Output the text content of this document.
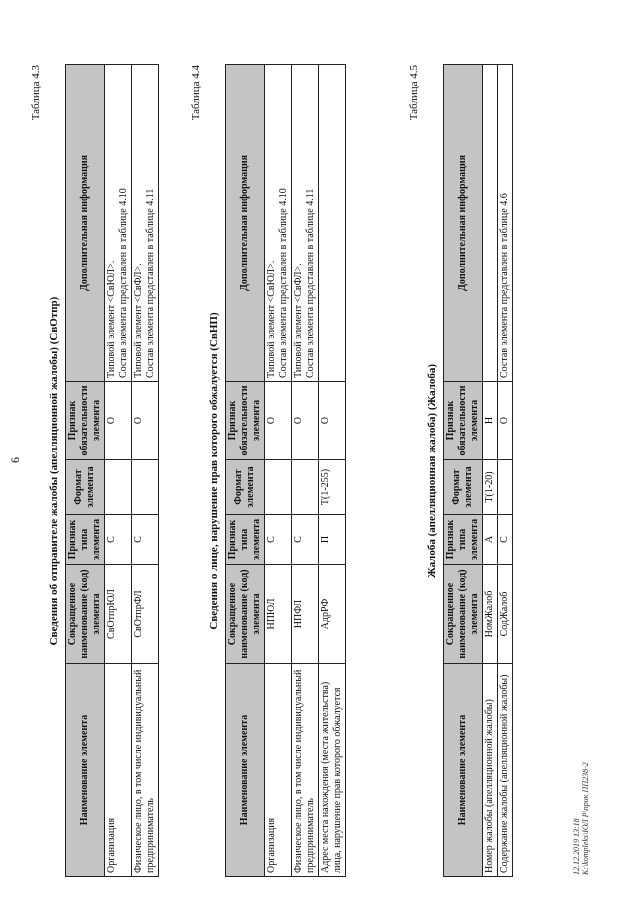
6
Таблица 4.3
Сведения об отправителе жалобы (апелляционной жалобы) (СвОтпр)
Наименование элемента	Сокращенное наименование (код) элемента	Признак типа элемента	Формат элемента	Признак обязательности элемента	Дополнительная информация
Организация	СвОтпрЮЛ	С		О	Типовой элемент <СвЮЛ>. Состав элемента представлен в таблице 4.10

Физическое лицо, в том числе индивидуальный предприниматель	СвОтпрФЛ	С		О	Типовой элемент <СвФЛ>. Состав элемента представлен в таблице 4.11
Таблица 4.4
Сведения о лице, нарушение прав которого обжалуется (СвНП)
Наименование элемента	Сокращенное наименование (код) элемента	Признак типа элемента	Формат элемента	Признак обязательности элемента	Дополнительная информация
Организация	НПЮЛ	С		О	Типовой элемент <СвЮЛ>. Состав элемента представлен в таблице 4.10

Физическое лицо, в том числе индивидуальный предприниматель	НПФЛ	С		О	Типовой элемент <СвФЛ>. Состав элемента представлен в таблице 4.11

Адрес места нахождения (места жительства) лица, нарушение прав которого обжалуется	АдрРФ	П	T(1-255)	О	
Таблица 4.5
Жалоба (апелляционная жалоба) (Жалоба)
Наименование элемента	Сокращенное наименование (код) элемента	Признак типа элемента	Формат элемента	Признак обязательности элемента	Дополнительная информация
Номер жалобы (апелляционной жалобы)	НомЖалоб	А	T(1-20)	Н	
Содержание жалобы (апелляционной жалобы)	СодЖалоб	С		О	Состав элемента представлен в таблице 4.6
12.12.2019 13:18 K:\kompleks\ЮЛ Р\прик ПП238-2
